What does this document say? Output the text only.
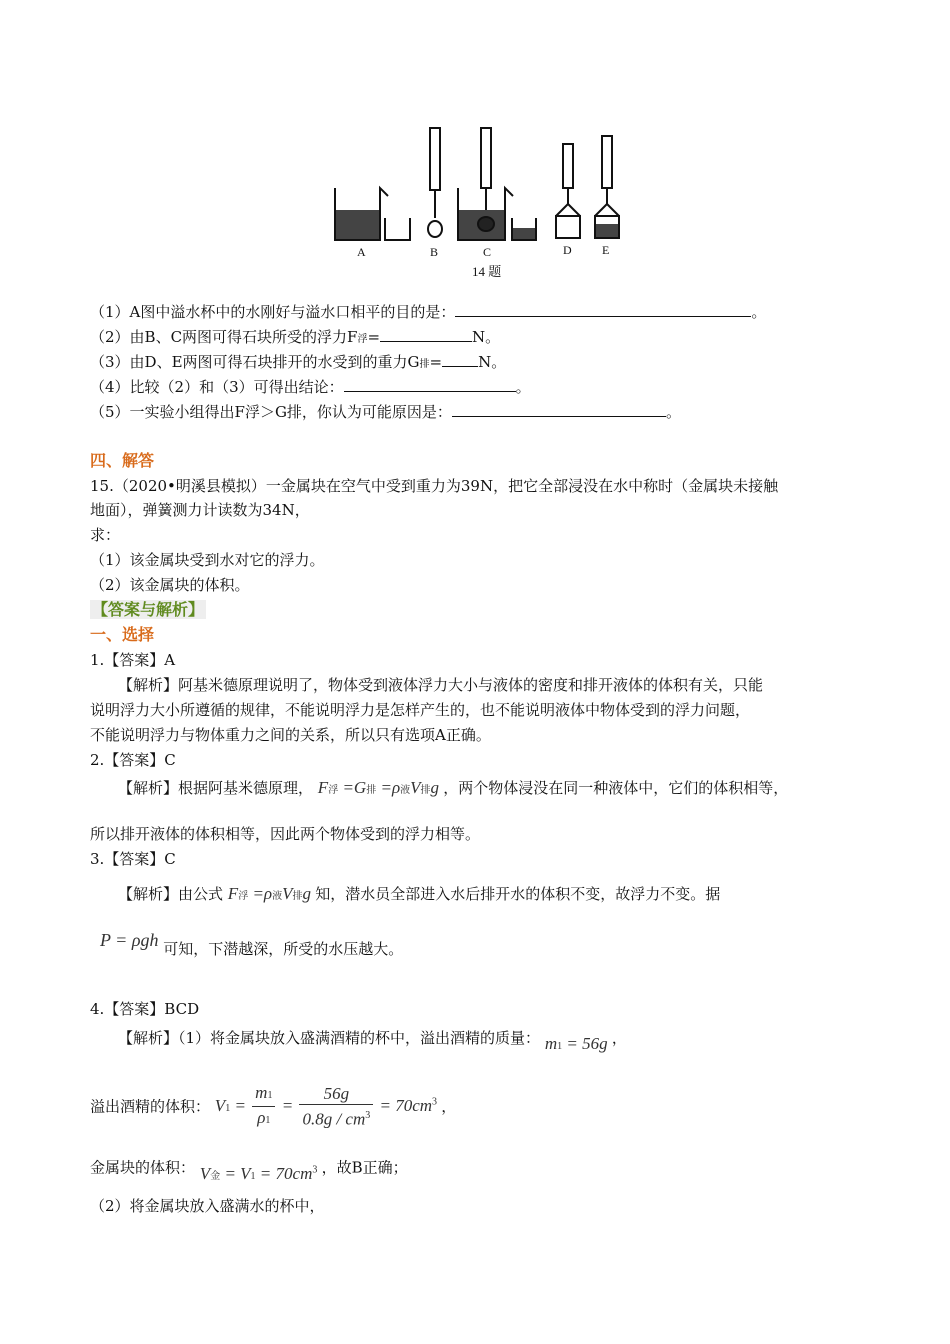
A	B	C	D	E
14 题
（1）A图中溢水杯中的水刚好与溢水口相平的目的是：	。
（2）由B、C两图可得石块所受的浮力F浮=	N。
（3）由D、E两图可得石块排开的水受到的重力G排= N。
（4）比较（2）和（3）可得出结论：	。
（5）一实验小组得出F浮＞G排，你认为可能原因是：	。
四、解答
15.（2020•明溪县模拟）一金属块在空气中受到重力为39N，把它全部浸没在水中称时（金属块未接触
地面），弹簧测力计读数为34N，
求：
（1）该金属块受到水对它的浮力。
（2）该金属块的体积。
【答案与解析】
一、选择
1.【答案】A
【解析】阿基米德原理说明了，物体受到液体浮力大小与液体的密度和排开液体的体积有关，只能
说明浮力大小所遵循的规律，不能说明浮力是怎样产生的，也不能说明液体中物体受到的浮力问题，
不能说明浮力与物体重力之间的关系，所以只有选项A正确。
2.【答案】C
【解析】根据阿基米德原理， F浮 =G排 =ρ液V排g ，两个物体浸没在同一种液体中，它们的体积相等，
所以排开液体的体积相等，因此两个物体受到的浮力相等。
3.【答案】C
【解析】由公式 F浮 =ρ液V排g 知，潜水员全部进入水后排开水的体积不变，故浮力不变。据
P = ρgh 可知，下潜越深，所受的水压越大。
4.【答案】BCD
【解析】（1）将金属块放入盛满酒精的杯中，溢出酒精的质量： m1 = 56g ，
溢出酒精的体积： $V1 = \frac{m1}{\rho 1} = \frac{56g}{0.8g / cm^3} = 70cm^3$ ，
金属块的体积： V金 = $V1 = 70cm^3$ ，故B正确；
（2）将金属块放入盛满水的杯中，
